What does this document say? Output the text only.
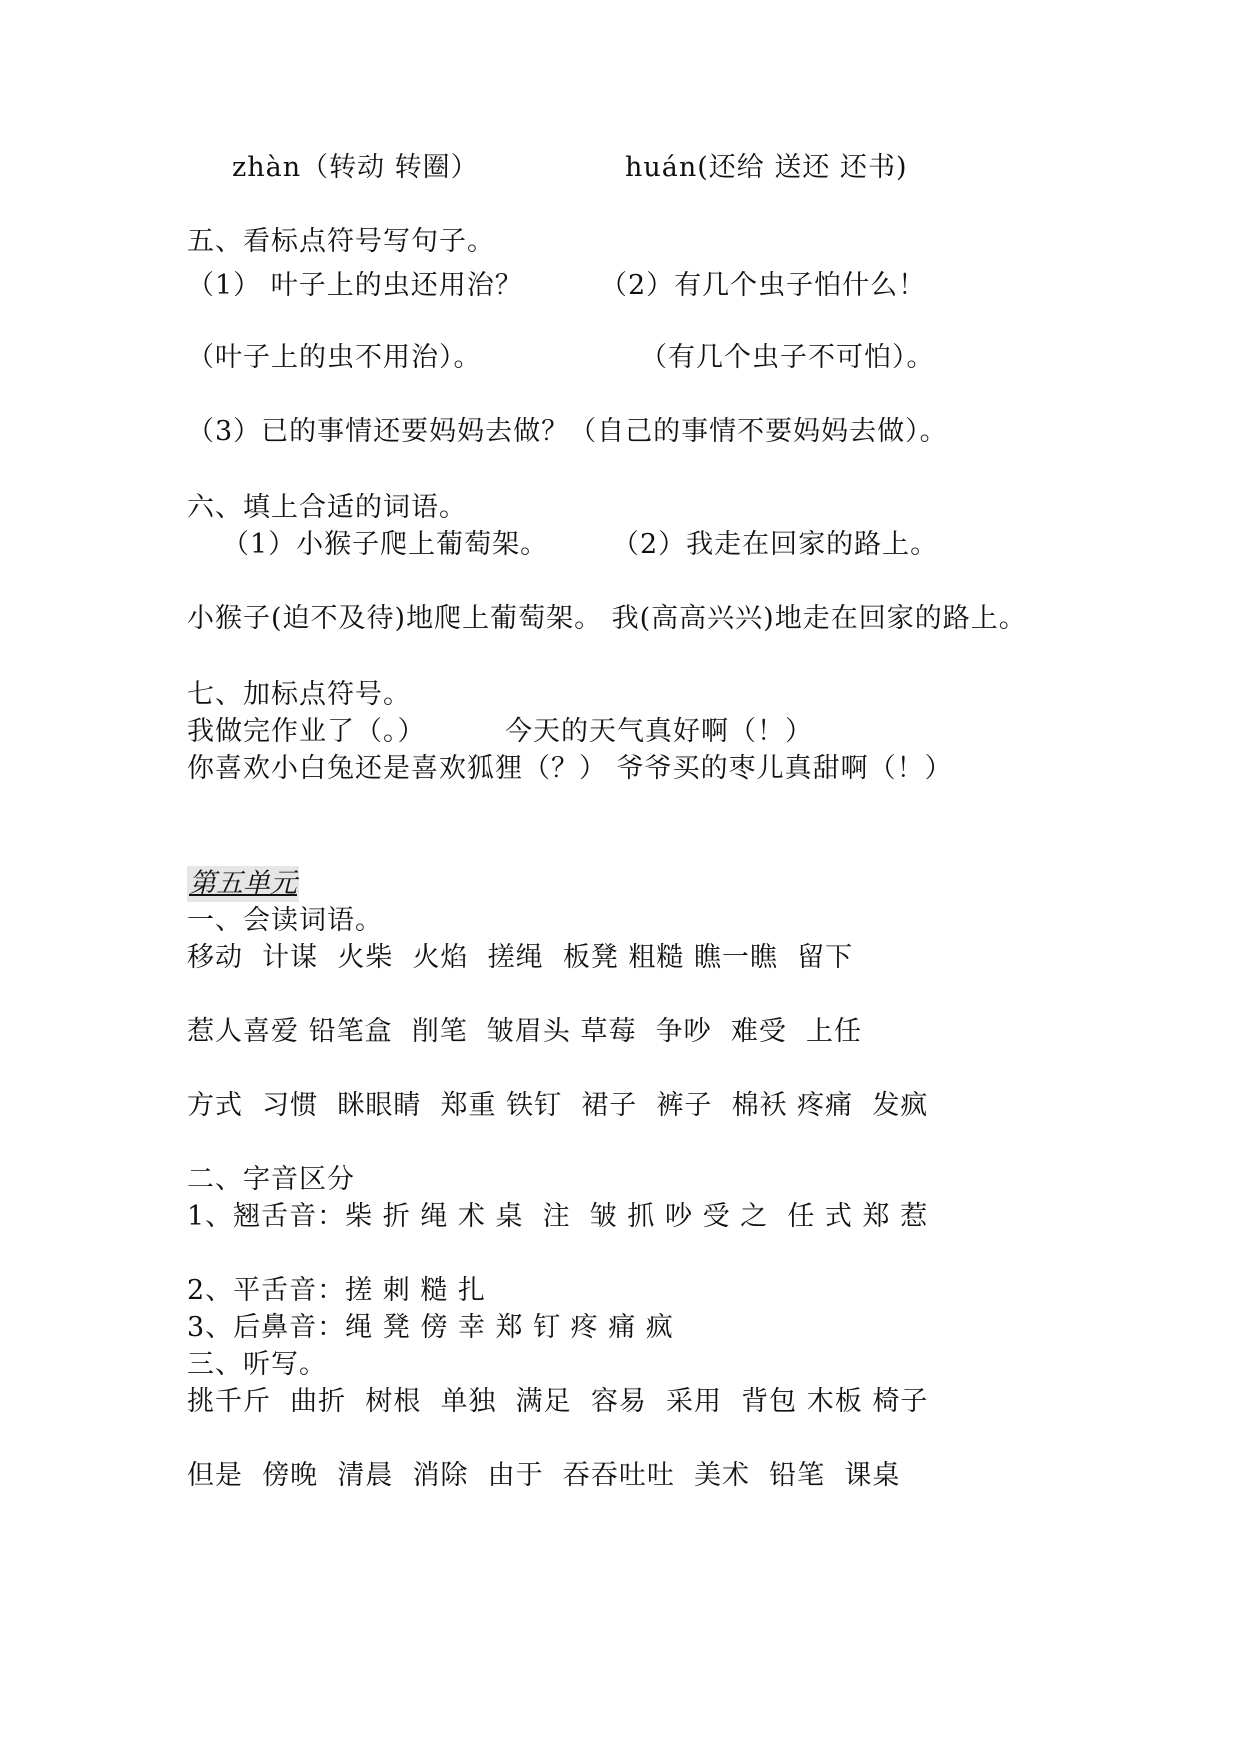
zhàn（转动 转圈）	huán(还给 送还 还书)
五、看标点符号写句子。
（1） 叶子上的虫还用治？	（2）有几个虫子怕什么！
（叶子上的虫不用治）。	（有几个虫子不可怕）。
（3）已的事情还要妈妈去做？（自己的事情不要妈妈去做）。
六、填上合适的词语。
（1）小猴子爬上葡萄架。 （2）我走在回家的路上。
小猴子(迫不及待)地爬上葡萄架。 我(高高兴兴)地走在回家的路上。
七、加标点符号。
我做完作业了（。）	今天的天气真好啊（！）
你喜欢小白兔还是喜欢狐狸（？） 爷爷买的枣儿真甜啊（！）
第五单元
一、会读词语。
移动  计谋  火柴  火焰  搓绳  板凳 粗糙 瞧一瞧  留下
惹人喜爱 铅笔盒  削笔  皱眉头 草莓  争吵  难受  上任
方式  习惯  眯眼睛  郑重 铁钉  裙子  裤子  棉袄 疼痛  发疯
二、字音区分
1、翘舌音：柴 折 绳 术 桌  注  皱 抓 吵 受 之  任 式 郑 惹
2、平舌音：搓 刺 糙 扎
3、后鼻音：绳 凳 傍 幸 郑 钉 疼 痛 疯
三、听写。
挑千斤  曲折  树根  单独  满足  容易  采用  背包 木板 椅子
但是  傍晚  清晨  消除  由于  吞吞吐吐  美术  铅笔  课桌
